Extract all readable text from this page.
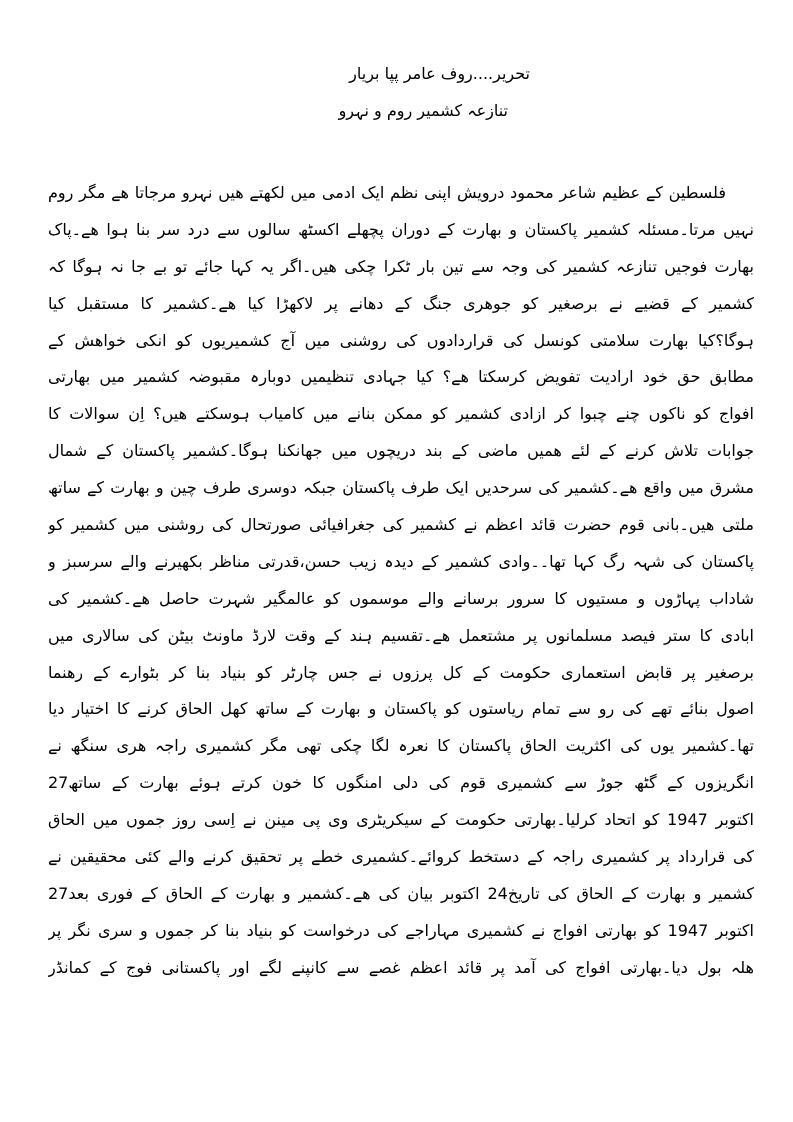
تحریر....روف عامر پپا بریار
تنازعہ کشمیر روم و نہرو
فلسطین کے عظیم شاعر محمود درویش اپنی نظم ایک ادمی میں لکھتے ھیں نہرو مرجاتا ھے مگر روم
نہیں مرتا۔مسئلہ کشمیر پاکستان و بھارت کے دوران پچھلے اکسٹھ سالوں سے درد سر بنا ہوا ھے۔پاک
بھارت فوجیں تنازعہ کشمیر کی وجہ سے تین بار ٹکرا چکی ھیں۔اگر یہ کہا جائے تو بے جا نہ ہوگا کہ
کشمیر کے قضیے نے برصغیر کو جوھری جنگ کے دھانے پر لاکھڑا کیا ھے۔کشمیر کا مستقبل کیا
ہوگا؟کیا بھارت سلامتی کونسل کی قراردادوں کی روشنی میں آج کشمیریوں کو انکی خواھش کے
مطابق حق خود ارادیت تفویض کرسکتا ھے؟ کیا جہادی تنظیمیں دوبارہ مقبوضہ کشمیر میں بھارتی
افواج کو ناکوں چنے چبوا کر ازادی کشمیر کو ممکن بنانے میں کامیاب ہوسکتے ھیں؟ اِن سوالات کا
جوابات تلاش کرنے کے لئے ھمیں ماضی کے بند دریچوں میں جھانکنا ہوگا۔کشمیر پاکستان کے شمال
مشرق میں واقع ھے۔کشمیر کی سرحدیں ایک طرف پاکستان جبکہ دوسری طرف چین و بھارت کے ساتھ
ملتی ھیں۔بانی قوم حضرت قائد اعظم نے کشمیر کی جغرافیائی صورتحال کی روشنی میں کشمیر کو
پاکستان کی شہہ رگ کہا تھا۔۔وادی کشمیر کے دیدہ زیب حسن،قدرتی مناظر بکھیرنے والے سرسبز و
شاداب پہاڑوں و مستیوں کا سرور برسانے والے موسموں کو عالمگیر شہرت حاصل ھے۔کشمیر کی
ابادی کا ستر فیصد مسلمانوں پر مشتعمل ھے۔تقسیم ہند کے وقت لارڈ ماونٹ بیٹن کی سالاری میں
برصغیر پر قابض استعماری حکومت کے کل پرزوں نے جس چارٹر کو بنیاد بنا کر بٹوارے کے رھنما
اصول بنائے تھے کی رو سے تمام ریاستوں کو پاکستان و بھارت کے ساتھ کھل الحاق کرنے کا اختیار دیا
تھا۔کشمیر یوں کی اکثریت الحاق پاکستان کا نعرہ لگا چکی تھی مگر کشمیری راجہ ھری سنگھ نے
انگریزوں کے گٹھ جوڑ سے کشمیری قوم کی دلی امنگوں کا خون کرتے ہوئے بھارت کے ساتھ27
اکتوبر 1947 کو اتحاد کرلیا۔بھارتی حکومت کے سیکریٹری وی پی مینن نے اِسی روز جموں میں الحاق
کی قرارداد پر کشمیری راجہ کے دستخط کروائے۔کشمیری خطے پر تحقیق کرنے والے کئی محقیقین نے
کشمیر و بھارت کے الحاق کی تاریخ24 اکتوبر بیان کی ھے۔کشمیر و بھارت کے الحاق کے فوری بعد27
اکتوبر 1947 کو بھارتی افواج نے کشمیری مہاراجے کی درخواست کو بنیاد بنا کر جموں و سری نگر پر
ھلہ بول دیا۔بھارتی افواج کی آمد پر قائد اعظم غصے سے کانپنے لگے اور پاکستانی فوج کے کمانڈر
